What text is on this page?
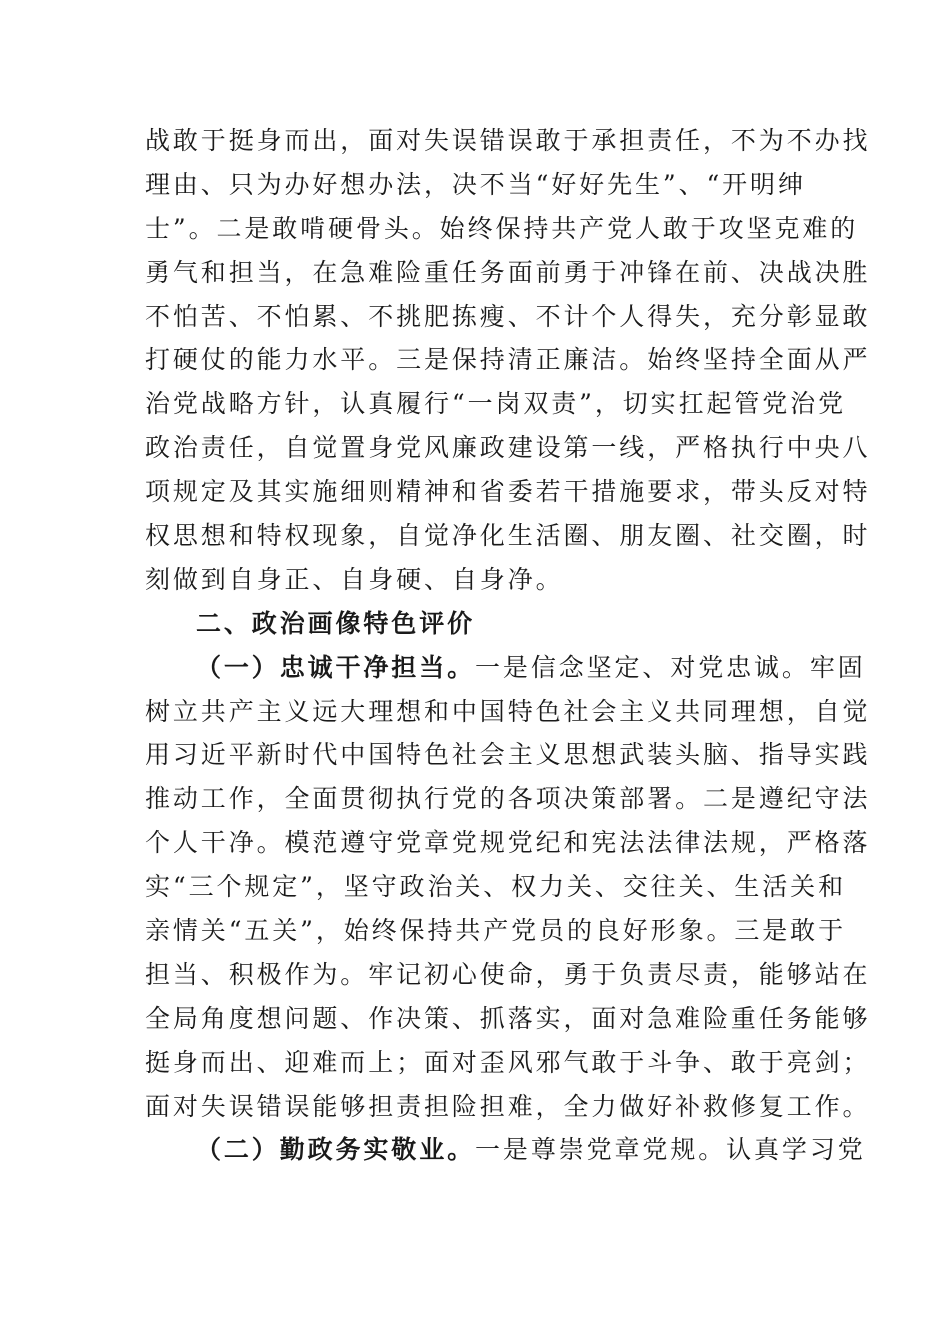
战敢于挺身而出，面对失误错误敢于承担责任，不为不办找
理由、只为办好想办法，决不当“好好先生”、“开明绅
士”。二是敢啃硬骨头。始终保持共产党人敢于攻坚克难的
勇气和担当，在急难险重任务面前勇于冲锋在前、决战决胜
不怕苦、不怕累、不挑肥拣瘦、不计个人得失，充分彰显敢
打硬仗的能力水平。三是保持清正廉洁。始终坚持全面从严
治党战略方针，认真履行“一岗双责”，切实扛起管党治党
政治责任，自觉置身党风廉政建设第一线，严格执行中央八
项规定及其实施细则精神和省委若干措施要求，带头反对特
权思想和特权现象，自觉净化生活圈、朋友圈、社交圈，时
刻做到自身正、自身硬、自身净。
二、政治画像特色评价
（一）忠诚干净担当。一是信念坚定、对党忠诚。牢固
树立共产主义远大理想和中国特色社会主义共同理想，自觉
用习近平新时代中国特色社会主义思想武装头脑、指导实践
推动工作，全面贯彻执行党的各项决策部署。二是遵纪守法
个人干净。模范遵守党章党规党纪和宪法法律法规，严格落
实“三个规定”，坚守政治关、权力关、交往关、生活关和
亲情关“五关”，始终保持共产党员的良好形象。三是敢于
担当、积极作为。牢记初心使命，勇于负责尽责，能够站在
全局角度想问题、作决策、抓落实，面对急难险重任务能够
挺身而出、迎难而上；面对歪风邪气敢于斗争、敢于亮剑；
面对失误错误能够担责担险担难，全力做好补救修复工作。
（二）勤政务实敬业。一是尊崇党章党规。认真学习党
